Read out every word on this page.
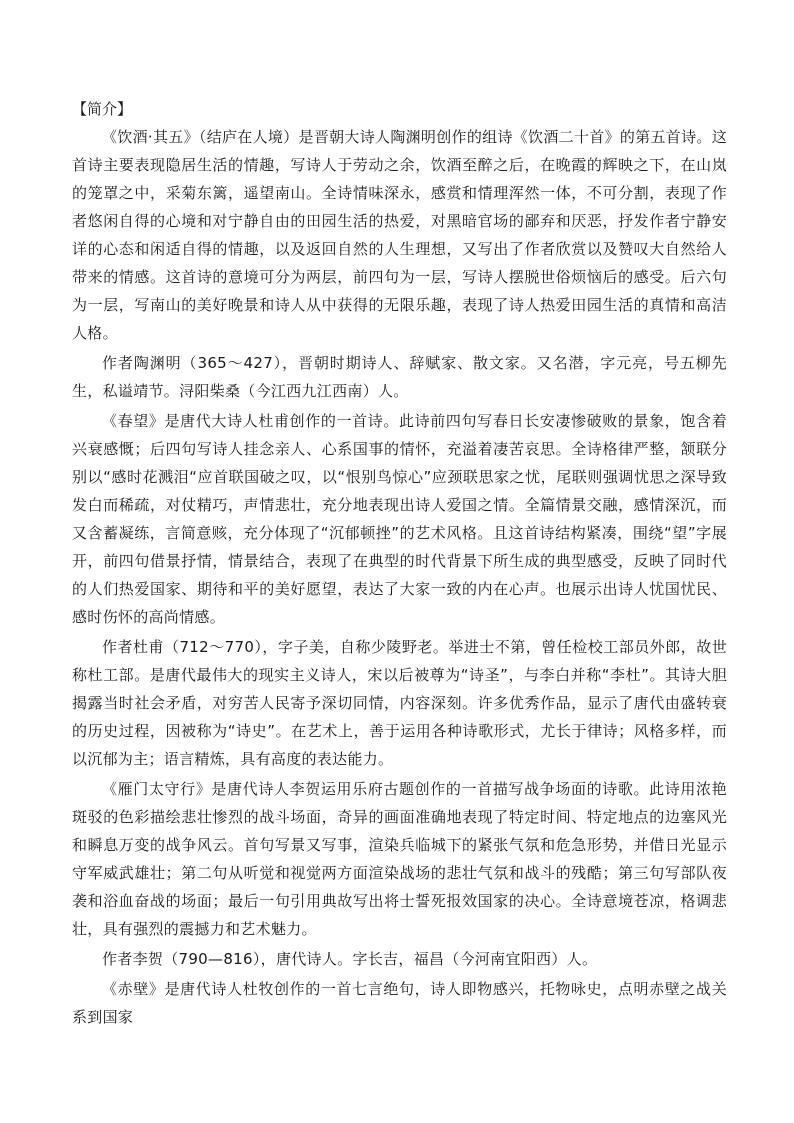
【简介】

《饮酒·其五》（结庐在人境）是晋朝大诗人陶渊明创作的组诗《饮酒二十首》的第五首诗。这首诗主要表现隐居生活的情趣，写诗人于劳动之余，饮酒至醉之后，在晚霞的辉映之下，在山岚的笼罩之中，采菊东篱，遥望南山。全诗情味深永，感赏和情理浑然一体，不可分割，表现了作者悠闲自得的心境和对宁静自由的田园生活的热爱，对黑暗官场的鄙弃和厌恶，抒发作者宁静安详的心态和闲适自得的情趣，以及返回自然的人生理想，又写出了作者欣赏以及赞叹大自然给人带来的情感。这首诗的意境可分为两层，前四句为一层，写诗人摆脱世俗烦恼后的感受。后六句为一层，写南山的美好晚景和诗人从中获得的无限乐趣，表现了诗人热爱田园生活的真情和高洁人格。

作者陶渊明（365～427），晋朝时期诗人、辞赋家、散文家。又名潜，字元亮，号五柳先生，私谥靖节。浔阳柴桑（今江西九江西南）人。

《春望》是唐代大诗人杜甫创作的一首诗。此诗前四句写春日长安凄惨破败的景象，饱含着兴衰感慨；后四句写诗人挂念亲人、心系国事的情怀，充溢着凄苦哀思。全诗格律严整，颔联分别以“感时花溅泪“应首联国破之叹，以“恨别鸟惊心”应颈联思家之忧，尾联则强调忧思之深导致发白而稀疏，对仗精巧，声情悲壮，充分地表现出诗人爱国之情。全篇情景交融，感情深沉，而又含蓄凝练，言简意赅，充分体现了“沉郁顿挫”的艺术风格。且这首诗结构紧凑，围绕“望”字展开，前四句借景抒情，情景结合，表现了在典型的时代背景下所生成的典型感受，反映了同时代的人们热爱国家、期待和平的美好愿望，表达了大家一致的内在心声。也展示出诗人忧国忧民、感时伤怀的高尚情感。

作者杜甫（712～770），字子美，自称少陵野老。举进士不第，曾任检校工部员外郎，故世称杜工部。是唐代最伟大的现实主义诗人，宋以后被尊为“诗圣”，与李白并称“李杜”。其诗大胆揭露当时社会矛盾，对穷苦人民寄予深切同情，内容深刻。许多优秀作品，显示了唐代由盛转衰的历史过程，因被称为“诗史”。在艺术上，善于运用各种诗歌形式，尤长于律诗；风格多样，而以沉郁为主；语言精炼，具有高度的表达能力。

《雁门太守行》是唐代诗人李贺运用乐府古题创作的一首描写战争场面的诗歌。此诗用浓艳斑驳的色彩描绘悲壮惨烈的战斗场面，奇异的画面准确地表现了特定时间、特定地点的边塞风光和瞬息万变的战争风云。首句写景又写事，渲染兵临城下的紧张气氛和危急形势，并借日光显示守军威武雄壮；第二句从听觉和视觉两方面渲染战场的悲壮气氛和战斗的残酷；第三句写部队夜袭和浴血奋战的场面；最后一句引用典故写出将士誓死报效国家的决心。全诗意境苍凉，格调悲壮，具有强烈的震撼力和艺术魅力。

作者李贺（790—816），唐代诗人。字长吉，福昌（今河南宜阳西）人。

《赤壁》是唐代诗人杜牧创作的一首七言绝句，诗人即物感兴，托物咏史，点明赤壁之战关系到国家
